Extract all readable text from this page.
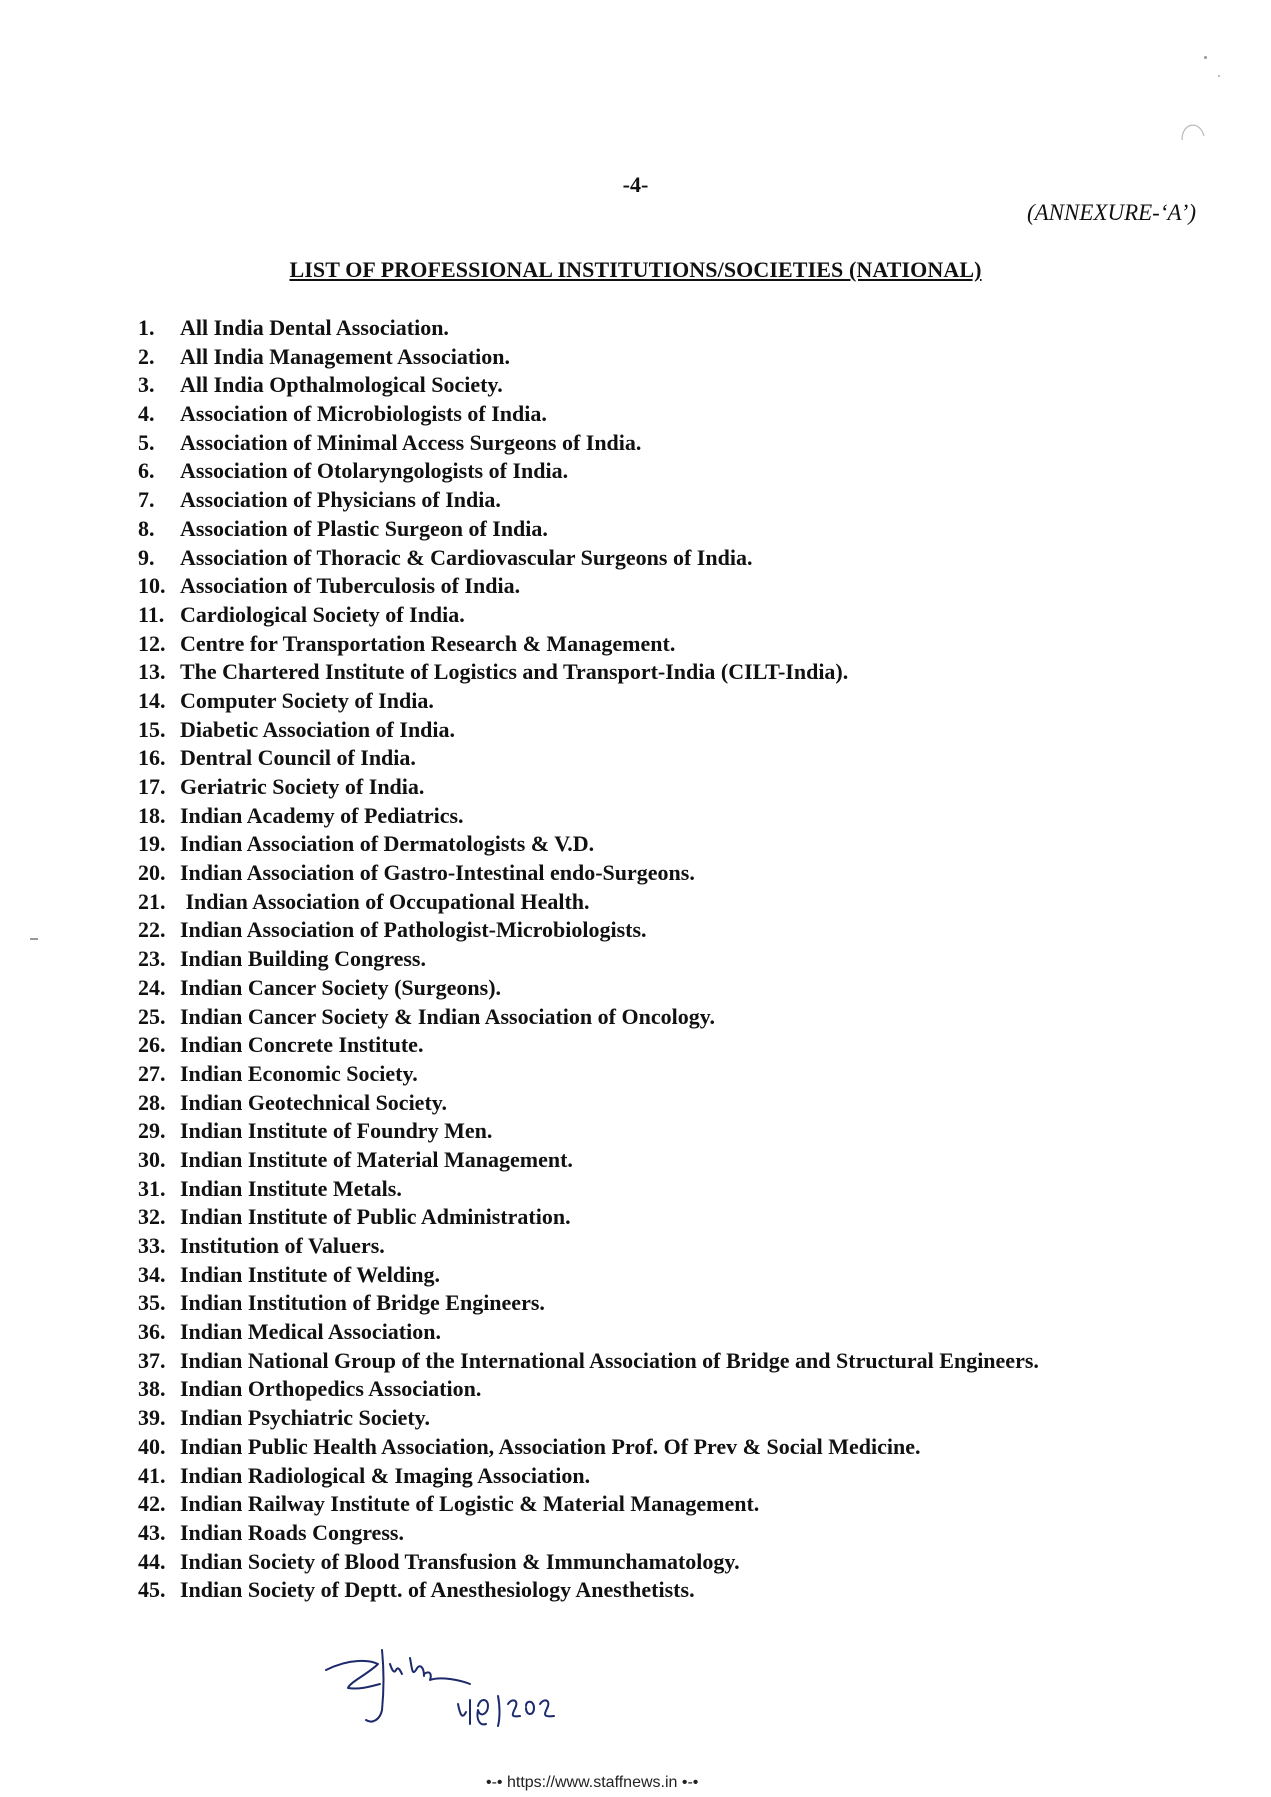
-4-
(ANNEXURE-‘A’)
LIST OF PROFESSIONAL INSTITUTIONS/SOCIETIES (NATIONAL)
1.	All India Dental Association.
2.	All India Management Association.
3.	All India Opthalmological Society.
4.	Association of Microbiologists of India.
5.	Association of Minimal Access Surgeons of India.
6.	Association of Otolaryngologists of India.
7.	Association of Physicians of India.
8.	Association of Plastic Surgeon of India.
9.	Association of Thoracic & Cardiovascular Surgeons of India.
10. Association of Tuberculosis of India.
11. Cardiological Society of India.
12. Centre for Transportation Research & Management.
13. The Chartered Institute of Logistics and Transport-India (CILT-India).
14. Computer Society of India.
15. Diabetic Association of India.
16. Dentral Council of India.
17. Geriatric Society of India.
18. Indian Academy of Pediatrics.
19. Indian Association of Dermatologists & V.D.
20. Indian Association of Gastro-Intestinal endo-Surgeons.
21. Indian Association of Occupational Health.
22. Indian Association of Pathologist-Microbiologists.
23. Indian Building Congress.
24. Indian Cancer Society (Surgeons).
25. Indian Cancer Society & Indian Association of Oncology.
26. Indian Concrete Institute.
27. Indian Economic Society.
28. Indian Geotechnical Society.
29. Indian Institute of Foundry Men.
30. Indian Institute of Material Management.
31. Indian Institute Metals.
32. Indian Institute of Public Administration.
33. Institution of Valuers.
34. Indian Institute of Welding.
35. Indian Institution of Bridge Engineers.
36. Indian Medical Association.
37. Indian National Group of the International Association of Bridge and Structural Engineers.
38. Indian Orthopedics Association.
39. Indian Psychiatric Society.
40. Indian Public Health Association, Association Prof. Of Prev & Social Medicine.
41. Indian Radiological & Imaging Association.
42. Indian Railway Institute of Logistic & Material Management.
43. Indian Roads Congress.
44. Indian Society of Blood Transfusion & Immunchamatology.
45. Indian Society of Deptt. of Anesthesiology Anesthetists.
•-• https://www.staffnews.in •-•
